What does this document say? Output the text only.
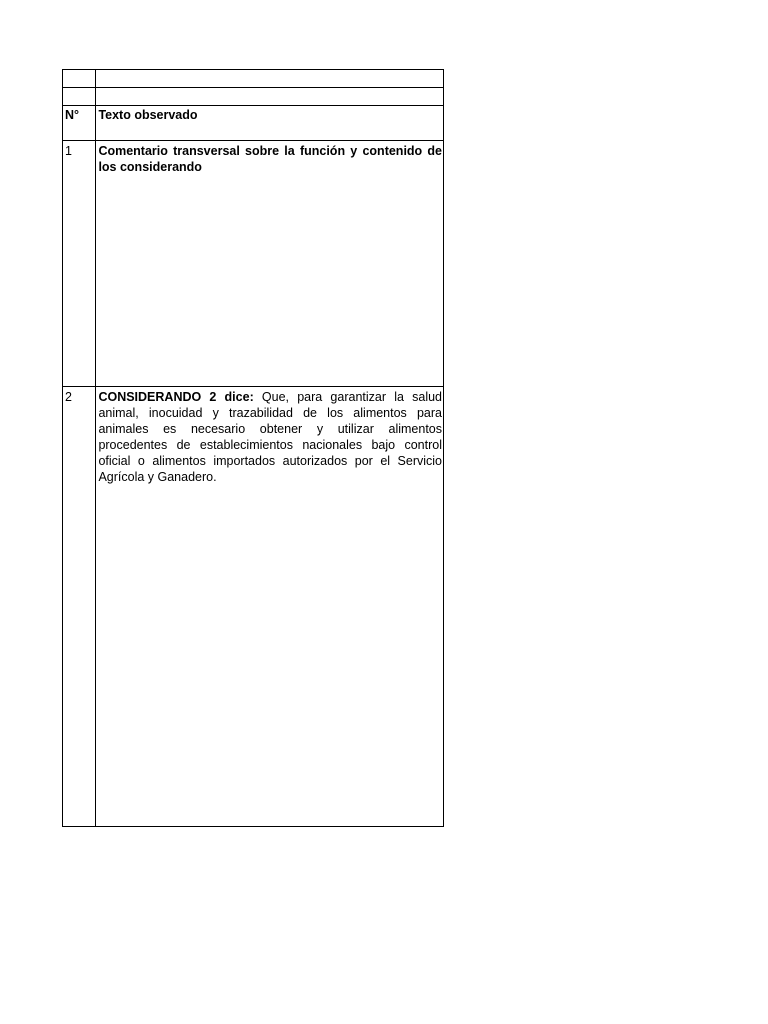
N°	Texto observado
1	Comentario transversal sobre la función y contenido de los considerando
2	CONSIDERANDO 2 dice: Que, para garantizar la salud animal, inocuidad y trazabilidad de los alimentos para animales es necesario obtener y utilizar alimentos procedentes de establecimientos nacionales bajo control oficial o alimentos importados autorizados por el Servicio Agrícola y Ganadero.
